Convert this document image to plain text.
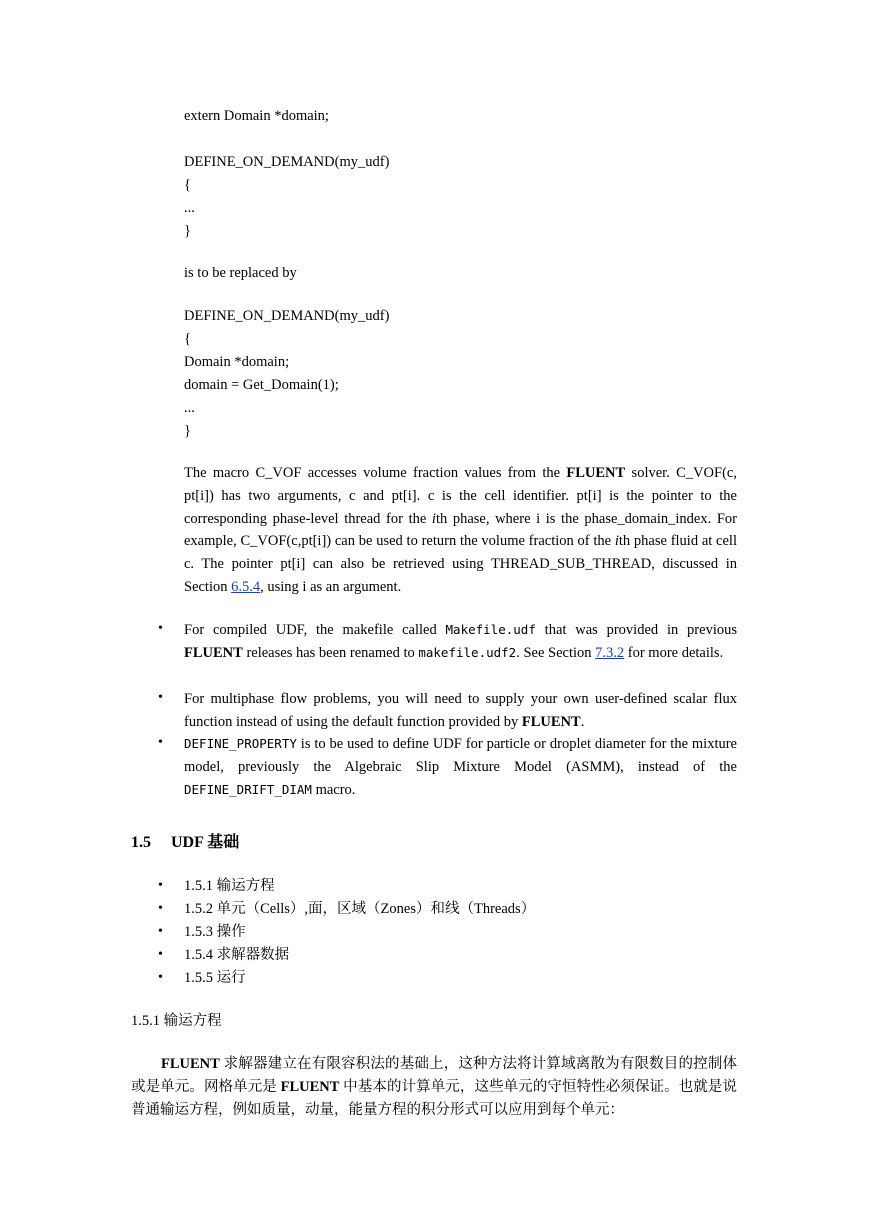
extern Domain *domain;
DEFINE_ON_DEMAND(my_udf)
{
...
}
is to be replaced by
DEFINE_ON_DEMAND(my_udf)
{
Domain *domain;
domain = Get_Domain(1);
...
}
The macro C_VOF accesses volume fraction values from the FLUENT solver. C_VOF(c, pt[i]) has two arguments, c and pt[i]. c is the cell identifier. pt[i] is the pointer to the corresponding phase-level thread for the ith phase, where i is the phase_domain_index. For example, C_VOF(c,pt[i]) can be used to return the volume fraction of the ith phase fluid at cell c. The pointer pt[i] can also be retrieved using THREAD_SUB_THREAD, discussed in Section 6.5.4, using i as an argument.
• For compiled UDF, the makefile called Makefile.udf that was provided in previous FLUENT releases has been renamed to makefile.udf2. See Section 7.3.2 for more details.
• For multiphase flow problems, you will need to supply your own user-defined scalar flux function instead of using the default function provided by FLUENT.
• DEFINE_PROPERTY is to be used to define UDF for particle or droplet diameter for the mixture model, previously the Algebraic Slip Mixture Model (ASMM), instead of the DEFINE_DRIFT_DIAM macro.
1.5 UDF 基础
• 1.5.1 输运方程
• 1.5.2 单元（Cells）,面，区域（Zones）和线（Threads）
• 1.5.3 操作
• 1.5.4 求解器数据
• 1.5.5 运行
1.5.1 输运方程
FLUENT 求解器建立在有限容积法的基础上，这种方法将计算域离散为有限数目的控制体或是单元。网格单元是 FLUENT 中基本的计算单元，这些单元的守恒特性必须保证。也就是说普通输运方程，例如质量，动量，能量方程的积分形式可以应用到每个单元：
